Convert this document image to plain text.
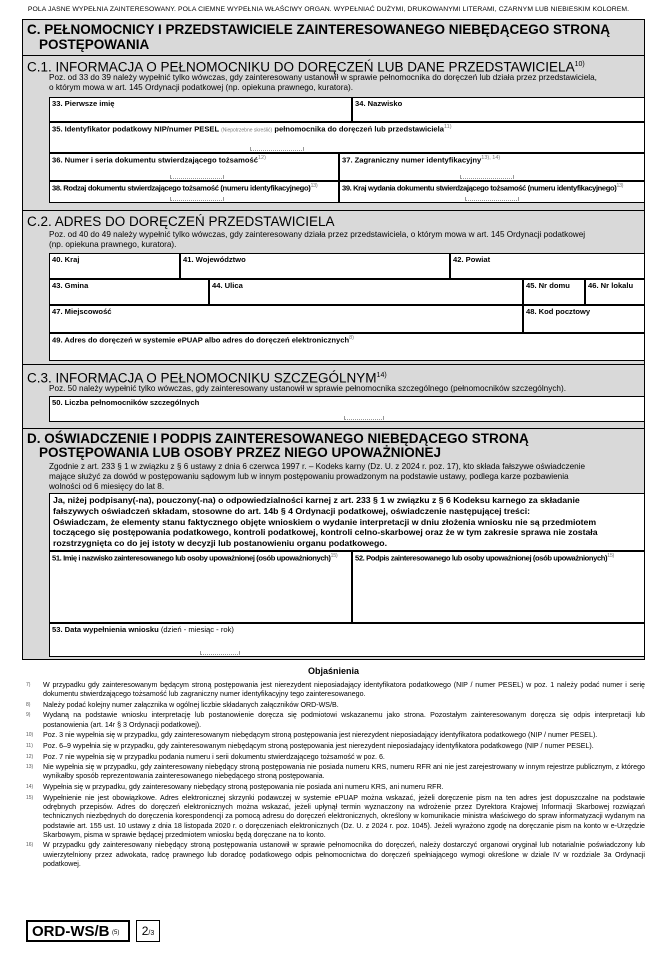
POLA JASNE WYPEŁNIA ZAINTERESOWANY. POLA CIEMNE WYPEŁNIA WŁAŚCIWY ORGAN. WYPEŁNIAĆ DUŻYMI, DRUKOWANYMI LITERAMI, CZARNYM LUB NIEBIESKIM KOLOREM.
C. PEŁNOMOCNICY I PRZEDSTAWICIELE ZAINTERESOWANEGO NIEBĘDĄCEGO STRONĄ
POSTĘPOWANIA
C.1. INFORMACJA O PEŁNOMOCNIKU DO DORĘCZEŃ LUB DANE PRZEDSTAWICIELA$^{10)}$
Poz. od 33 do 39 należy wypełnić tylko wówczas, gdy zainteresowany ustanowił w sprawie pełnomocnika do doręczeń lub działa przez przedstawiciela,
o którym mowa w art. 145 Ordynacji podatkowej (np. opiekuna prawnego, kuratora).
33. Pierwsze imię	34. Nazwisko
35. Identyfikator podatkowy NIP/numer PESEL (Niepotrzebne skreślić) pełnomocnika do doręczeń lub przedstawiciela$^{11)}$
36. Numer i seria dokumentu stwierdzającego tożsamość$^{12)}$	37. Zagraniczny numer identyfikacyjny$^{13), 14)}$
38. Rodzaj dokumentu stwierdzającego tożsamość (numeru identyfikacyjnego)$^{13)}$	39. Kraj wydania dokumentu stwierdzającego tożsamość (numeru identyfikacyjnego)$^{13)}$
C.2. ADRES DO DORĘCZEŃ PRZEDSTAWICIELA
Poz. od 40 do 49 należy wypełnić tylko wówczas, gdy zainteresowany działa przez przedstawiciela, o którym mowa w art. 145 Ordynacji podatkowej
(np. opiekuna prawnego, kuratora).
40. Kraj	41. Województwo	42. Powiat
43. Gmina	44. Ulica	45. Nr domu 46. Nr lokalu
47. Miejscowość	48. Kod pocztowy
49. Adres do doręczeń w systemie ePUAP albo adres do doręczeń elektronicznych$^{8)}$
C.3. INFORMACJA O PEŁNOMOCNIKU SZCZEGÓLNYM$^{14)}$
Poz. 50 należy wypełnić tylko wówczas, gdy zainteresowany ustanowił w sprawie pełnomocnika szczególnego (pełnomocników szczególnych).
50. Liczba pełnomocników szczególnych
D. OŚWIADCZENIE I PODPIS ZAINTERESOWANEGO NIEBĘDĄCEGO STRONĄ
POSTĘPOWANIA LUB OSOBY PRZEZ NIEGO UPOWAŻNIONEJ
Zgodnie z art. 233 § 1 w związku z § 6 ustawy z dnia 6 czerwca 1997 r. – Kodeks karny (Dz. U. z 2024 r. poz. 17), kto składa fałszywe oświadczenie
mające służyć za dowód w postępowaniu sądowym lub w innym postępowaniu prowadzonym na podstawie ustawy, podlega karze pozbawienia
wolności od 6 miesięcy do lat 8.
Ja, niżej podpisany(-na), pouczony(-na) o odpowiedzialności karnej z art. 233 § 1 w związku z § 6 Kodeksu karnego za składanie
fałszywych oświadczeń składam, stosowne do art. 14b § 4 Ordynacji podatkowej, oświadczenie następującej treści:
Oświadczam, że elementy stanu faktycznego objęte wnioskiem o wydanie interpretacji w dniu złożenia wniosku nie są przedmiotem
toczącego się postępowania podatkowego, kontroli podatkowej, kontroli celno-skarbowej oraz że w tym zakresie sprawa nie została
rozstrzygnięta co do jej istoty w decyzji lub postanowieniu organu podatkowego.
51. Imię i nazwisko zainteresowanego lub osoby upoważnionej (osób upoważnionych)$^{15)}$ 52. Podpis zainteresowanego lub osoby upoważnionej (osób upoważnionych)$^{15)}$
53. Data wypełnienia wniosku (dzień - miesiąc - rok)
Objaśnienia
7) W przypadku gdy zainteresowanym będącym stroną postępowania jest nierezydent nieposiadający identyfikatora podatkowego (NIP / numer PESEL) w poz. 1 należy podać numer i serię dokumentu stwierdzającego tożsamość lub zagraniczny numer identyfikacyjny tego zainteresowanego.
8) Należy podać kolejny numer załącznika w ogólnej liczbie składanych załączników ORD-WS/B.
9) Wydaną na podstawie wniosku interpretację lub postanowienie doręcza się podmiotowi wskazanemu jako strona. Pozostałym zainteresowanym doręcza się odpis interpretacji lub postanowienia (art. 14r § 3 Ordynacji podatkowej).
10) Poz. 3 nie wypełnia się w przypadku, gdy zainteresowanym niebędącym stroną postępowania jest nierezydent nieposiadający identyfikatora podatkowego (NIP / numer PESEL).
11) Poz. 6–9 wypełnia się w przypadku, gdy zainteresowanym niebędącym stroną postępowania jest nierezydent nieposiadający identyfikatora podatkowego (NIP / numer PESEL).
12) Poz. 7 nie wypełnia się w przypadku podania numeru i serii dokumentu stwierdzającego tożsamość w poz. 6.
13) Nie wypełnia się w przypadku, gdy zainteresowany niebędący stroną postępowania nie posiada numeru KRS, numeru RFR ani nie jest zarejestrowany w innym rejestrze publicznym, z którego wynikałby sposób reprezentowania zainteresowanego niebędącego stroną postępowania.
14) Wypełnia się w przypadku, gdy zainteresowany niebędący stroną postępowania nie posiada ani numeru KRS, ani numeru RFR.
15) Wypełnienie nie jest obowiązkowe. Adres elektronicznej skrzynki podawczej w systemie ePUAP można wskazać, jeżeli doręczenie pism na ten adres jest dopuszczalne na podstawie odrębnych przepisów. Adres do doręczeń elektronicznych można wskazać, jeżeli upłynął termin wyznaczony na wdrożenie przez Dyrektora Krajowej Informacji Skarbowej rozwiązań technicznych niezbędnych do doręczenia korespondencji za pomocą adresu do doręczeń elektronicznych, określony w komunikacie ministra właściwego do spraw informatyzacji wydanym na podstawie art. 155 ust. 10 ustawy z dnia 18 listopada 2020 r. o doręczeniach elektronicznych (Dz. U. z 2024 r. poz. 1045). Jeżeli wyrażono zgodę na doręczanie pism na konto w e-Urzędzie Skarbowym, pisma w sprawie będącej przedmiotem wniosku będą doręczane na to konto.
16) W przypadku gdy zainteresowany niebędący stroną postępowania ustanowił w sprawie pełnomocnika do doręczeń, należy dostarczyć organowi oryginał lub notarialnie poświadczony lub uwierzytelniony przez adwokata, radcę prawnego lub doradcę podatkowego odpis pełnomocnictwa do doręczeń spełniającego wymogi określone w dziale IV w rozdziale 3a Ordynacji podatkowej.
ORD-WS/B (5)	2/3
